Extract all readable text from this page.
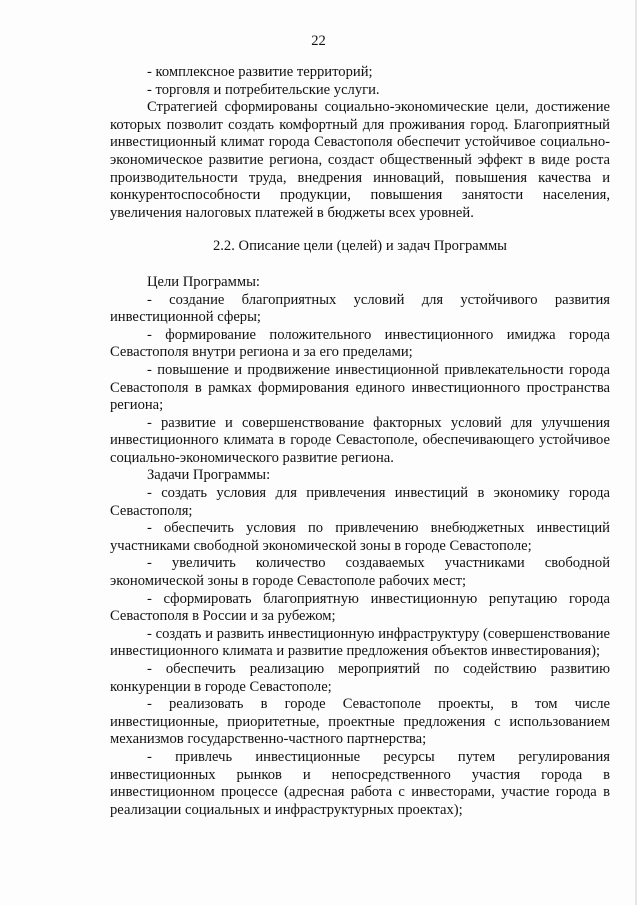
22

- комплексное развитие территорий;

- торговля и потребительские услуги.

Стратегией сформированы социально-экономические цели, достижение которых позволит создать комфортный для проживания город. Благоприятный инвестиционный климат города Севастополя обеспечит устойчивое социально-экономическое развитие региона, создаст общественный эффект в виде роста производительности труда, внедрения инноваций, повышения качества и конкурентоспособности продукции, повышения занятости населения, увеличения налоговых платежей в бюджеты всех уровней.

2.2. Описание цели (целей) и задач Программы

Цели Программы:

- создание благоприятных условий для устойчивого развития инвестиционной сферы;

- формирование положительного инвестиционного имиджа города Севастополя внутри региона и за его пределами;

- повышение и продвижение инвестиционной привлекательности города Севастополя в рамках формирования единого инвестиционного пространства региона;

- развитие и совершенствование факторных условий для улучшения инвестиционного климата в городе Севастополе, обеспечивающего устойчивое социально-экономического развитие региона.

Задачи Программы:

- создать условия для привлечения инвестиций в экономику города Севастополя;

- обеспечить условия по привлечению внебюджетных инвестиций участниками свободной экономической зоны в городе Севастополе;

- увеличить количество создаваемых участниками свободной экономической зоны в городе Севастополе рабочих мест;

- сформировать благоприятную инвестиционную репутацию города Севастополя в России и за рубежом;

- создать и развить инвестиционную инфраструктуру (совершенствование инвестиционного климата и развитие предложения объектов инвестирования);

- обеспечить реализацию мероприятий по содействию развитию конкуренции в городе Севастополе;

- реализовать в городе Севастополе проекты, в том числе инвестиционные, приоритетные, проектные предложения с использованием механизмов государственно-частного партнерства;

- привлечь инвестиционные ресурсы путем регулирования инвестиционных рынков и непосредственного участия города в инвестиционном процессе (адресная работа с инвесторами, участие города в реализации социальных и инфраструктурных проектах);
